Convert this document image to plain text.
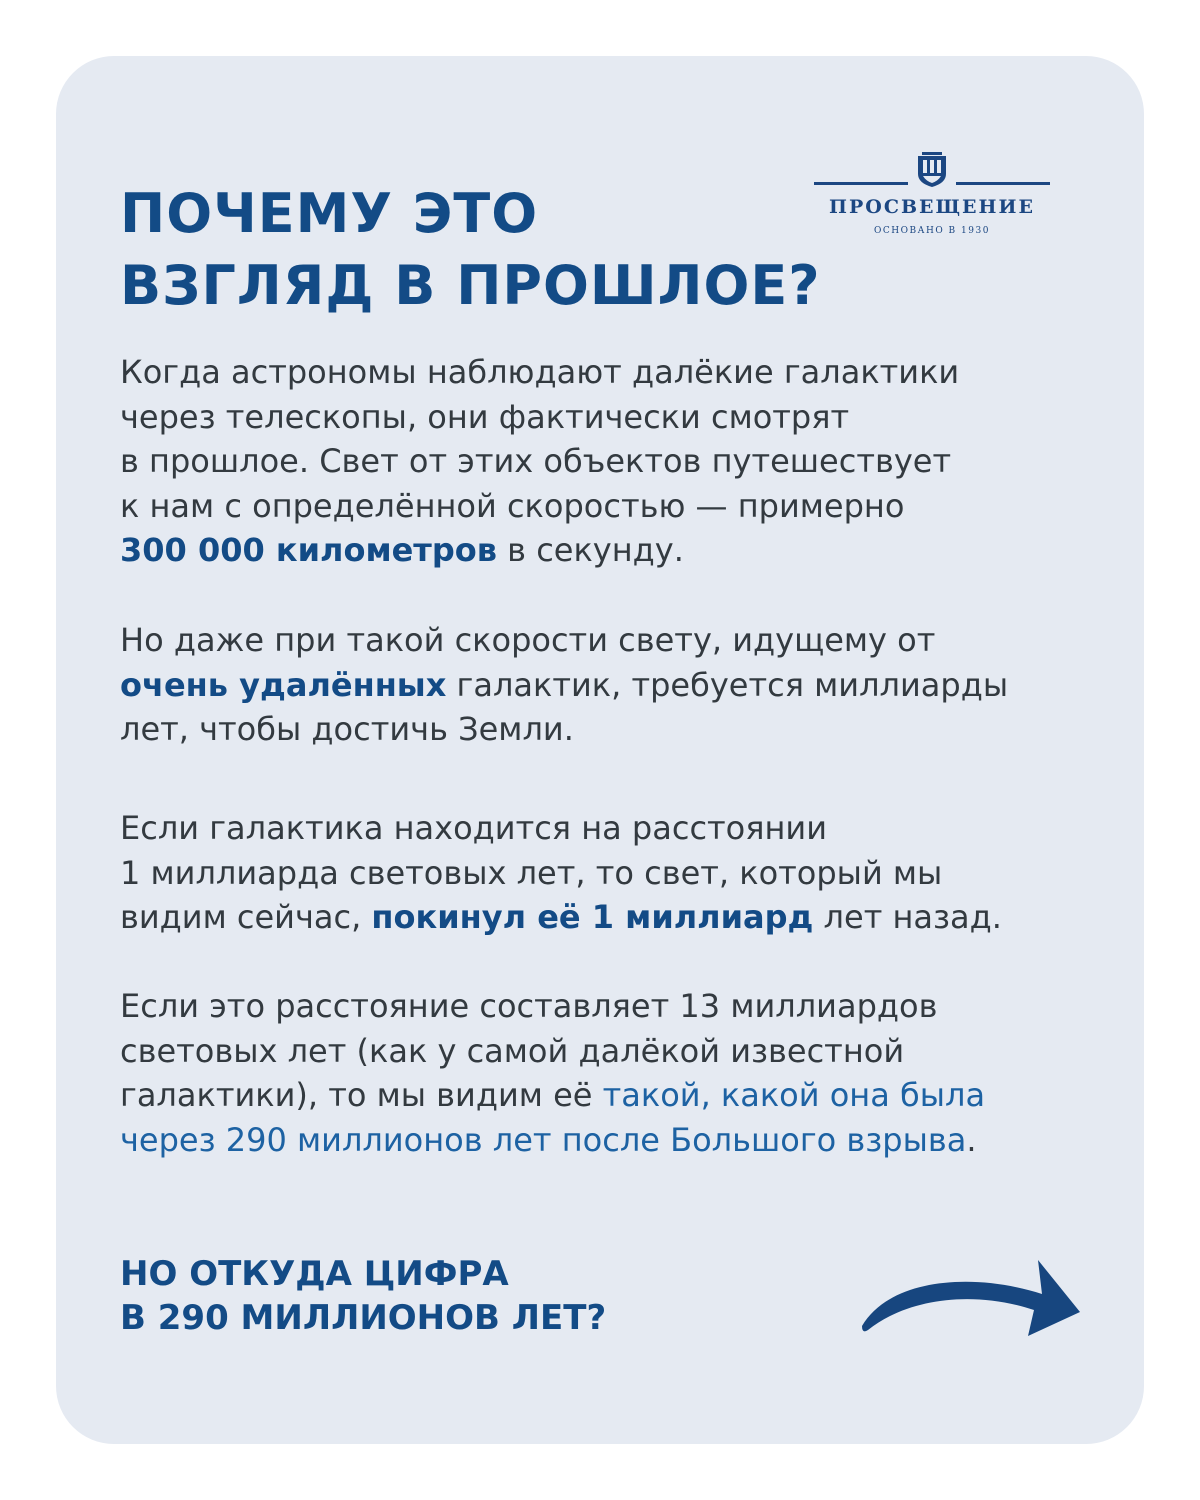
ПОЧЕМУ ЭТО
ВЗГЛЯД В ПРОШЛОЕ?
ПРОСВЕЩЕНИЕ
ОСНОВАНО В 1930

Когда астрономы наблюдают далёкие галактики
через телескопы, они фактически смотрят
в прошлое. Свет от этих объектов путешествует
к нам с определённой скоростью — примерно
300 000 километров в секунду.

Но даже при такой скорости свету, идущему от
очень удалённых галактик, требуется миллиарды
лет, чтобы достичь Земли.

Если галактика находится на расстоянии
1 миллиарда световых лет, то свет, который мы
видим сейчас, покинул её 1 миллиард лет назад.

Если это расстояние составляет 13 миллиардов
световых лет (как у самой далёкой известной
галактики), то мы видим её такой, какой она была
через 290 миллионов лет после Большого взрыва.

НО ОТКУДА ЦИФРА
В 290 МИЛЛИОНОВ ЛЕТ?
